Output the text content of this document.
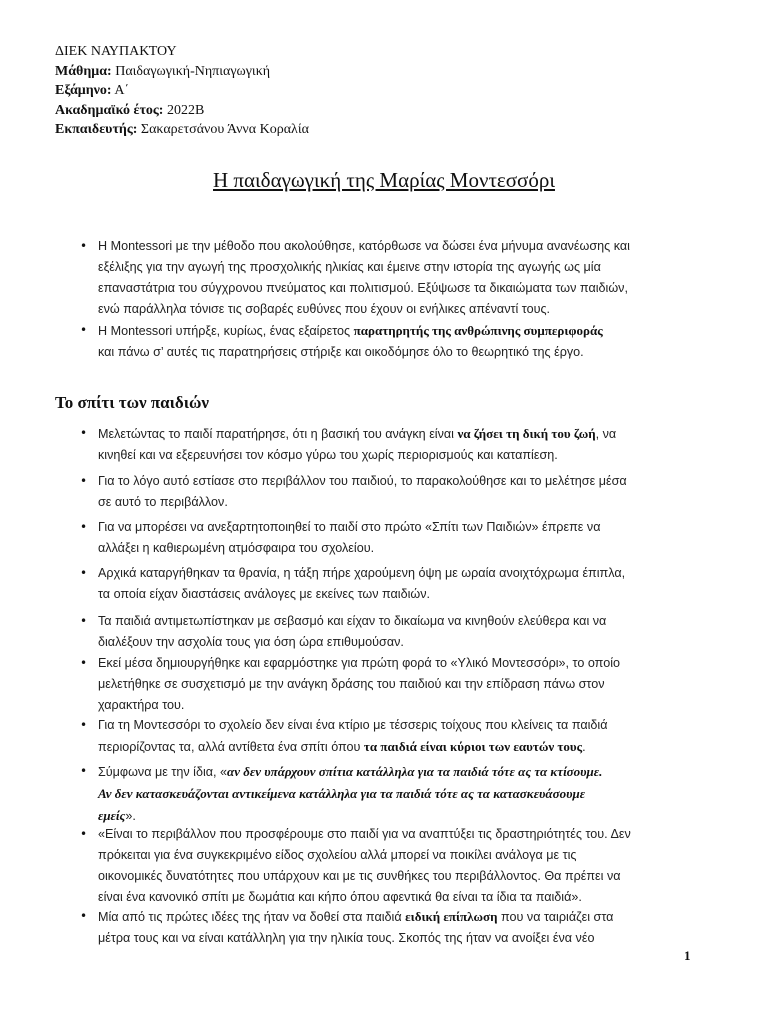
ΔΙΕΚ ΝΑΥΠΑΚΤΟΥ
Μάθημα: Παιδαγωγική-Νηπιαγωγική
Εξάμηνο: Α΄
Ακαδημαϊκό έτος: 2022Β
Εκπαιδευτής: Σακαρετσάνου Άννα Κοραλία
Η παιδαγωγική της Μαρίας Μοντεσσόρι
• Η Montessori με την μέθοδο που ακολούθησε, κατόρθωσε να δώσει ένα μήνυμα ανανέωσης και
εξέλιξης για την αγωγή της προσχολικής ηλικίας και έμεινε στην ιστορία της αγωγής ως μία
επαναστάτρια του σύγχρονου πνεύματος και πολιτισμού. Εξύψωσε τα δικαιώματα των παιδιών,
ενώ παράλληλα τόνισε τις σοβαρές ευθύνες που έχουν οι ενήλικες απέναντί τους.
• Η Montessori υπήρξε, κυρίως, ένας εξαίρετος παρατηρητής της ανθρώπινης συμπεριφοράς
και πάνω σ’ αυτές τις παρατηρήσεις στήριξε και οικοδόμησε όλο το θεωρητικό της έργο.
Το σπίτι των παιδιών
• Μελετώντας το παιδί παρατήρησε, ότι η βασική του ανάγκη είναι να ζήσει τη δική του ζωή, να
κινηθεί και να εξερευνήσει τον κόσμο γύρω του χωρίς περιορισμούς και καταπίεση.
• Για το λόγο αυτό εστίασε στο περιβάλλον του παιδιού, το παρακολούθησε και το μελέτησε μέσα
σε αυτό το περιβάλλον.
• Για να μπορέσει να ανεξαρτητοποιηθεί το παιδί στο πρώτο «Σπίτι των Παιδιών» έπρεπε να
αλλάξει η καθιερωμένη ατμόσφαιρα του σχολείου.
• Αρχικά καταργήθηκαν τα θρανία, η τάξη πήρε χαρούμενη όψη με ωραία ανοιχτόχρωμα έπιπλα,
τα οποία είχαν διαστάσεις ανάλογες με εκείνες των παιδιών.
• Τα παιδιά αντιμετωπίστηκαν με σεβασμό και είχαν το δικαίωμα να κινηθούν ελεύθερα και να
διαλέξουν την ασχολία τους για όση ώρα επιθυμούσαν.
• Εκεί μέσα δημιουργήθηκε και εφαρμόστηκε για πρώτη φορά το «Υλικό Μοντεσσόρι», το οποίο
μελετήθηκε σε συσχετισμό με την ανάγκη δράσης του παιδιού και την επίδραση πάνω στον
χαρακτήρα του.
• Για τη Μοντεσσόρι το σχολείο δεν είναι ένα κτίριο με τέσσερις τοίχους που κλείνεις τα παιδιά
περιορίζοντας τα, αλλά αντίθετα ένα σπίτι όπου τα παιδιά είναι κύριοι των εαυτών τους.
• Σύμφωνα με την ίδια, «αν δεν υπάρχουν σπίτια κατάλληλα για τα παιδιά τότε ας τα κτίσουμε.
Αν δεν κατασκευάζονται αντικείμενα κατάλληλα για τα παιδιά τότε ας τα κατασκευάσουμε
εμείς».
• «Είναι το περιβάλλον που προσφέρουμε στο παιδί για να αναπτύξει τις δραστηριότητές του. Δεν
πρόκειται για ένα συγκεκριμένο είδος σχολείου αλλά μπορεί να ποικίλει ανάλογα με τις
οικονομικές δυνατότητες που υπάρχουν και με τις συνθήκες του περιβάλλοντος. Θα πρέπει να
είναι ένα κανονικό σπίτι με δωμάτια και κήπο όπου αφεντικά θα είναι τα ίδια τα παιδιά».
• Μία από τις πρώτες ιδέες της ήταν να δοθεί στα παιδιά ειδική επίπλωση που να ταιριάζει στα
μέτρα τους και να είναι κατάλληλη για την ηλικία τους. Σκοπός της ήταν να ανοίξει ένα νέο
1
